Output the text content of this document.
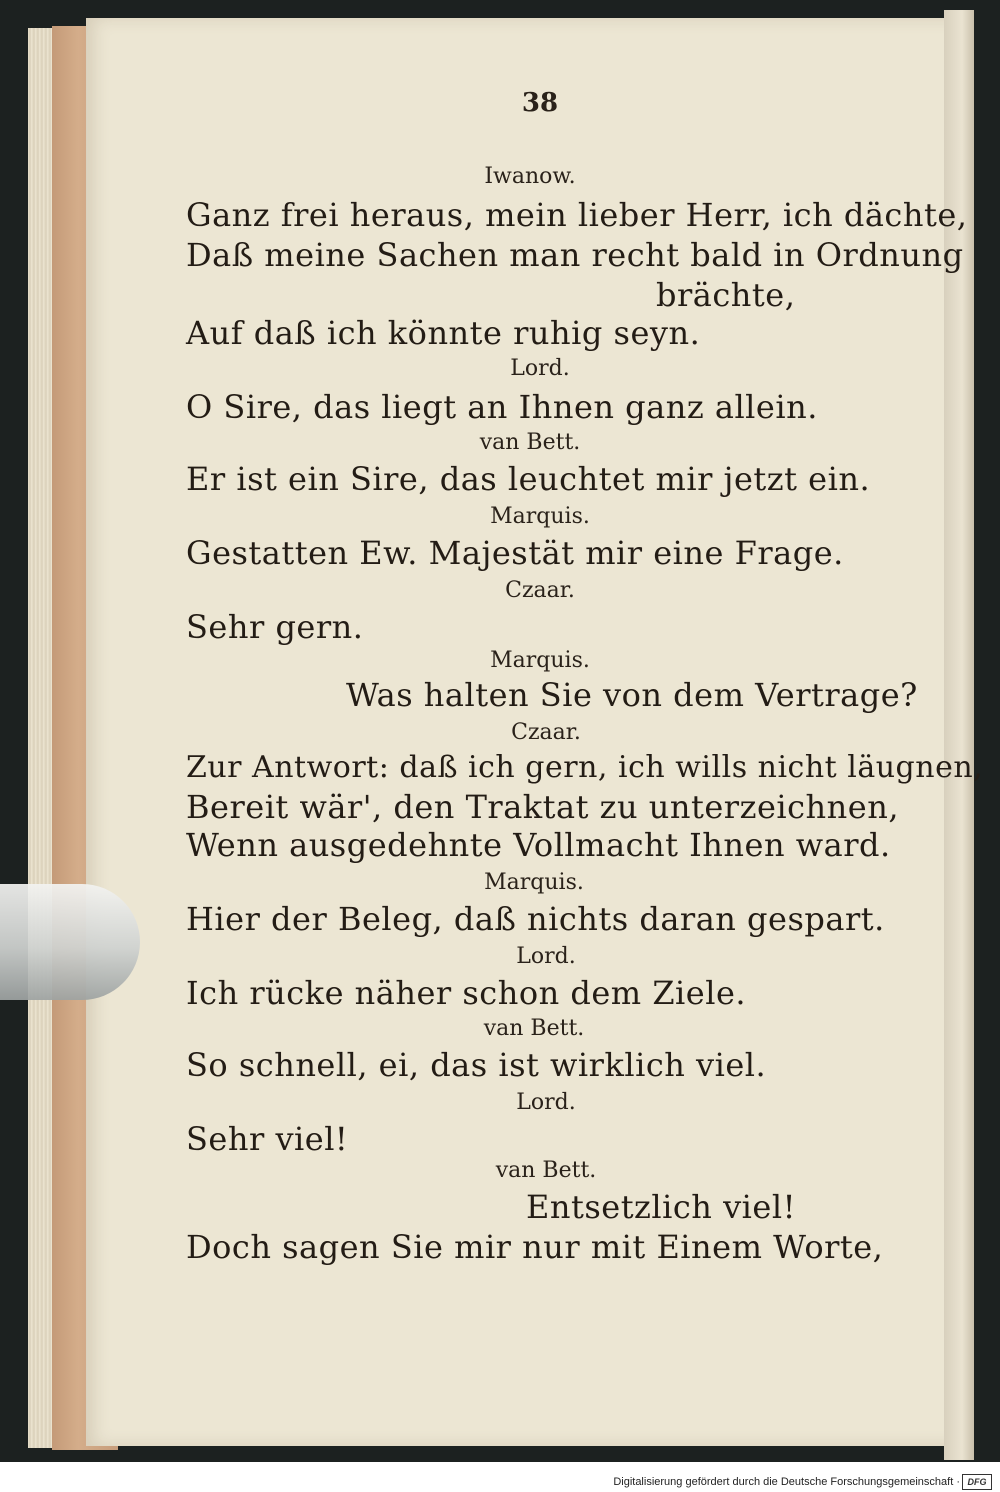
38
Iwanow.
Ganz frei heraus, mein lieber Herr, ich dächte,
Daß meine Sachen man recht bald in Ordnung
brächte,
Auf daß ich könnte ruhig seyn.
Lord.
O Sire, das liegt an Ihnen ganz allein.
van Bett.
Er ist ein Sire, das leuchtet mir jetzt ein.
Marquis.
Gestatten Ew. Majestät mir eine Frage.
Czaar.
Sehr gern.
Marquis.
Was halten Sie von dem Vertrage?
Czaar.
Zur Antwort: daß ich gern, ich wills nicht läugnen,
Bereit wär', den Traktat zu unterzeichnen,
Wenn ausgedehnte Vollmacht Ihnen ward.
Marquis.
Hier der Beleg, daß nichts daran gespart.
Lord.
Ich rücke näher schon dem Ziele.
van Bett.
So schnell, ei, das ist wirklich viel.
Lord.
Sehr viel!
van Bett.
Entsetzlich viel!
Doch sagen Sie mir nur mit Einem Worte,
Digitalisierung gefördert durch die Deutsche Forschungsgemeinschaft · DFG
